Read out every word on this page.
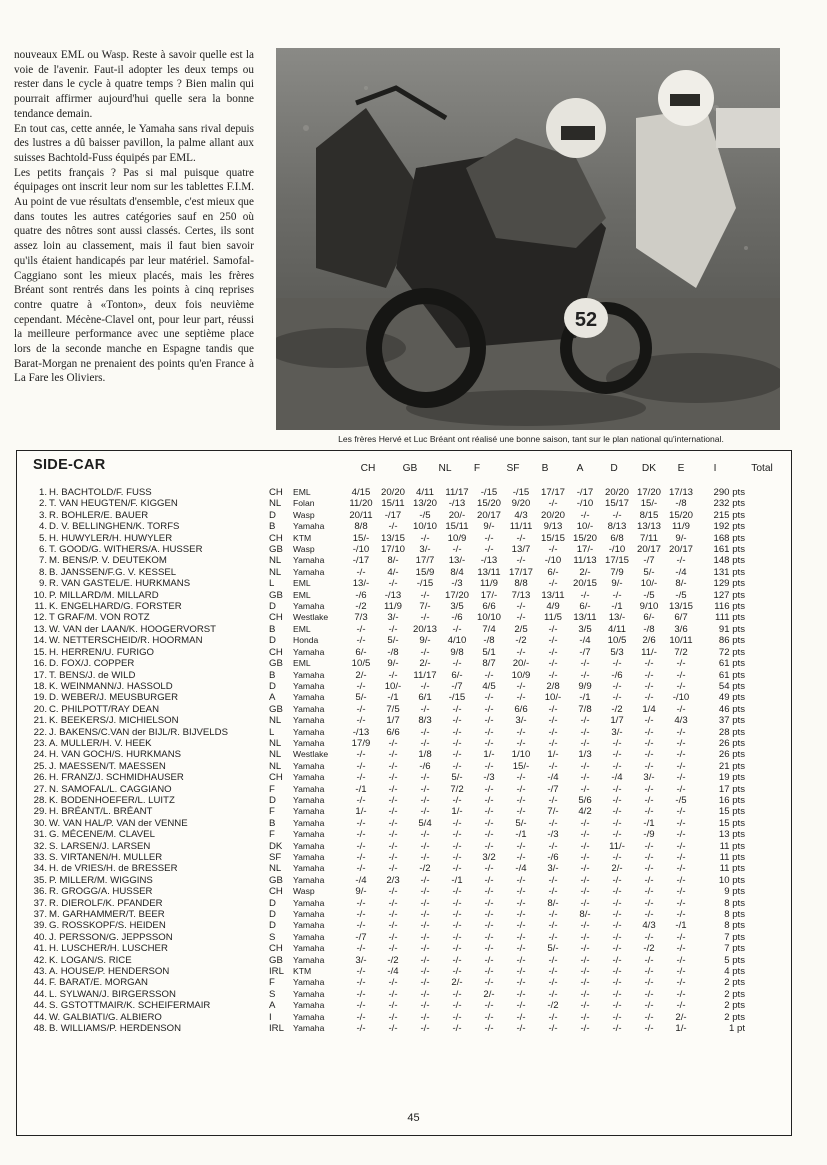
nouveaux EML ou Wasp. Reste à savoir quelle est la voie de l'avenir. Faut-il adopter les deux temps ou rester dans le cycle à quatre temps ? Bien malin qui pourrait affirmer aujourd'hui quelle sera la bonne tendance demain.

En tout cas, cette année, le Yamaha sans rival depuis des lustres a dû baisser pavillon, la palme allant aux suisses Bachtold-Fuss équipés par EML.

Les petits français ? Pas si mal puisque quatre équipages ont inscrit leur nom sur les tablettes F.I.M. Au point de vue résultats d'ensemble, c'est mieux que dans toutes les autres catégories sauf en 250 où quatre des nôtres sont aussi classés. Certes, ils sont assez loin au classement, mais il faut bien savoir qu'ils étaient handicapés par leur matériel. Samofal-Caggiano sont les mieux placés, mais les frères Bréant sont rentrés dans les points à cinq reprises contre quatre à «Tonton», deux fois neuvième cependant. Mécène-Clavel ont, pour leur part, réussi la meilleure performance avec une septième place lors de la seconde manche en Espagne tandis que Barat-Morgan ne prenaient des points qu'en France à La Fare les Oliviers.

52
Les frères Hervé et Luc Bréant ont réalisé une bonne saison, tant sur le plan national qu'international.
SIDE-CAR	CH	GB	NL	F	SF	B	A	D	DK	E	I	Total
1.	H. BACHTOLD/F. FUSS	CH	EML	4/15	20/20	4/11	11/17	-/15	-/15	17/17	-/17	20/20	17/20	17/13	290 pts
2.	T. VAN HEUGTEN/F. KIGGEN	NL	Folan	11/20	15/11	13/20	-/13	15/20	9/20	-/-	-/10	15/17	15/-	-/8	232 pts
3.	R. BOHLER/E. BAUER	D	Wasp	20/11	-/17	-/5	20/-	20/17	4/3	20/20	-/-	-/-	8/15	15/20	215 pts
4.	D. V. BELLINGHEN/K. TORFS	B	Yamaha	8/8	-/-	10/10	15/11	9/-	11/11	9/13	10/-	8/13	13/13	11/9	192 pts
5.	H. HUWYLER/H. HUWYLER	CH	KTM	15/-	13/15	-/-	10/9	-/-	-/-	15/15	15/20	6/8	7/11	9/-	168 pts
6.	T. GOOD/G. WITHERS/A. HUSSER	GB	Wasp	-/10	17/10	3/-	-/-	-/-	13/7	-/-	17/-	-/10	20/17	20/17	161 pts
7.	M. BENS/P. V. DEUTEKOM	NL	Yamaha	-/17	8/-	17/7	13/-	-/13	-/-	-/10	11/13	17/15	-/7	-/-	148 pts
8.	B. JANSSEN/F.G. V. KESSEL	NL	Yamaha	-/-	4/-	15/9	8/4	13/11	17/17	6/-	2/-	7/9	5/-	-/4	131 pts
9.	R. VAN GASTEL/E. HURKMANS	L	EML	13/-	-/-	-/15	-/3	11/9	8/8	-/-	20/15	9/-	10/-	8/-	129 pts
10.	P. MILLARD/M. MILLARD	GB	EML	-/6	-/13	-/-	17/20	17/-	7/13	13/11	-/-	-/-	-/5	-/5	127 pts
11.	K. ENGELHARD/G. FORSTER	D	Yamaha	-/2	11/9	7/-	3/5	6/6	-/-	4/9	6/-	-/1	9/10	13/15	116 pts
12.	T GRAF/M. VON ROTZ	CH	Westlake	7/3	3/-	-/-	-/6	10/10	-/-	11/5	13/11	13/-	6/-	6/7	111 pts
13.	W. VAN der LAAN/K. HOOGERVORST	B	EML	-/-	-/-	20/13	-/-	7/4	2/5	-/-	3/5	4/11	-/8	3/6	91 pts
14.	W. NETTERSCHEID/R. HOORMAN	D	Honda	-/-	5/-	9/-	4/10	-/8	-/2	-/-	-/4	10/5	2/6	10/11	86 pts
15.	H. HERREN/U. FURIGO	CH	Yamaha	6/-	-/8	-/-	9/8	5/1	-/-	-/-	-/7	5/3	11/-	7/2	72 pts
16.	D. FOX/J. COPPER	GB	EML	10/5	9/-	2/-	-/-	8/7	20/-	-/-	-/-	-/-	-/-	-/-	61 pts
17.	T. BENS/J. de WILD	B	Yamaha	2/-	-/-	11/17	6/-	-/-	10/9	-/-	-/-	-/6	-/-	-/-	61 pts
18.	K. WEINMANN/J. HASSOLD	D	Yamaha	-/-	10/-	-/-	-/7	4/5	-/-	2/8	9/9	-/-	-/-	-/-	54 pts
19.	D. WEBER/J. MEUSBURGER	A	Yamaha	5/-	-/1	6/1	-/15	-/-	-/-	10/-	-/1	-/-	-/-	-/10	49 pts
20.	C. PHILPOTT/RAY DEAN	GB	Yamaha	-/-	7/5	-/-	-/-	-/-	6/6	-/-	7/8	-/2	1/4	-/-	46 pts
21.	K. BEEKERS/J. MICHIELSON	NL	Yamaha	-/-	1/7	8/3	-/-	-/-	3/-	-/-	-/-	1/7	-/-	4/3	37 pts
22.	J. BAKENS/C.VAN der BIJL/R. BIJVELDS	L	Yamaha	-/13	6/6	-/-	-/-	-/-	-/-	-/-	-/-	3/-	-/-	-/-	28 pts
23.	A. MULLER/H. V. HEEK	NL	Yamaha	17/9	-/-	-/-	-/-	-/-	-/-	-/-	-/-	-/-	-/-	-/-	26 pts
24.	H. VAN GOCH/S. HURKMANS	NL	Westlake	-/-	-/-	1/8	-/-	1/-	1/10	1/-	1/3	-/-	-/-	-/-	26 pts
25.	J. MAESSEN/T. MAESSEN	NL	Yamaha	-/-	-/-	-/6	-/-	-/-	15/-	-/-	-/-	-/-	-/-	-/-	21 pts
26.	H. FRANZ/J. SCHMIDHAUSER	CH	Yamaha	-/-	-/-	-/-	5/-	-/3	-/-	-/4	-/-	-/4	3/-	-/-	19 pts
27.	N. SAMOFAL/L. CAGGIANO	F	Yamaha	-/1	-/-	-/-	7/2	-/-	-/-	-/7	-/-	-/-	-/-	-/-	17 pts
28.	K. BODENHOEFER/L. LUITZ	D	Yamaha	-/-	-/-	-/-	-/-	-/-	-/-	-/-	5/6	-/-	-/-	-/5	16 pts
29.	H. BRÉANT/L. BRÉANT	F	Yamaha	1/-	-/-	-/-	1/-	-/-	-/-	7/-	4/2	-/-	-/-	-/-	15 pts
30.	W. VAN HAL/P. VAN der VENNE	B	Yamaha	-/-	-/-	5/4	-/-	-/-	5/-	-/-	-/-	-/-	-/1	-/-	15 pts
31.	G. MÉCENE/M. CLAVEL	F	Yamaha	-/-	-/-	-/-	-/-	-/-	-/1	-/3	-/-	-/-	-/9	-/-	13 pts
32.	S. LARSEN/J. LARSEN	DK	Yamaha	-/-	-/-	-/-	-/-	-/-	-/-	-/-	-/-	11/-	-/-	-/-	11 pts
33.	S. VIRTANEN/H. MULLER	SF	Yamaha	-/-	-/-	-/-	-/-	3/2	-/-	-/6	-/-	-/-	-/-	-/-	11 pts
34.	H. de VRIES/H. de BRESSER	NL	Yamaha	-/-	-/-	-/2	-/-	-/-	-/4	3/-	-/-	2/-	-/-	-/-	11 pts
35.	P. MILLER/M. WIGGINS	GB	Yamaha	-/4	2/3	-/-	-/1	-/-	-/-	-/-	-/-	-/-	-/-	-/-	10 pts
36.	R. GROGG/A. HUSSER	CH	Wasp	9/-	-/-	-/-	-/-	-/-	-/-	-/-	-/-	-/-	-/-	-/-	9 pts
37.	R. DIEROLF/K. PFANDER	D	Yamaha	-/-	-/-	-/-	-/-	-/-	-/-	8/-	-/-	-/-	-/-	-/-	8 pts
37.	M. GARHAMMER/T. BEER	D	Yamaha	-/-	-/-	-/-	-/-	-/-	-/-	-/-	8/-	-/-	-/-	-/-	8 pts
39.	G. ROSSKOPF/S. HEIDEN	D	Yamaha	-/-	-/-	-/-	-/-	-/-	-/-	-/-	-/-	-/-	4/3	-/1	8 pts
40.	J. PERSSON/G. JEPPSSON	S	Yamaha	-/7	-/-	-/-	-/-	-/-	-/-	-/-	-/-	-/-	-/-	-/-	7 pts
41.	H. LUSCHER/H. LUSCHER	CH	Yamaha	-/-	-/-	-/-	-/-	-/-	-/-	5/-	-/-	-/-	-/2	-/-	7 pts
42.	K. LOGAN/S. RICE	GB	Yamaha	3/-	-/2	-/-	-/-	-/-	-/-	-/-	-/-	-/-	-/-	-/-	5 pts
43.	A. HOUSE/P. HENDERSON	IRL	KTM	-/-	-/4	-/-	-/-	-/-	-/-	-/-	-/-	-/-	-/-	-/-	4 pts
44.	F. BARAT/E. MORGAN	F	Yamaha	-/-	-/-	-/-	2/-	-/-	-/-	-/-	-/-	-/-	-/-	-/-	2 pts
44.	L. SYLWAN/J. BIRGERSSON	S	Yamaha	-/-	-/-	-/-	-/-	2/-	-/-	-/-	-/-	-/-	-/-	-/-	2 pts
44.	S. GSTOTTMAIR/K. SCHEIFERMAIR	A	Yamaha	-/-	-/-	-/-	-/-	-/-	-/-	-/2	-/-	-/-	-/-	-/-	2 pts
44.	W. GALBIATI/G. ALBIERO	I	Yamaha	-/-	-/-	-/-	-/-	-/-	-/-	-/-	-/-	-/-	-/-	2/-	2 pts
48.	B. WILLIAMS/P. HERDENSON	IRL	Yamaha	-/-	-/-	-/-	-/-	-/-	-/-	-/-	-/-	-/-	-/-	1/-	1 pt
45
